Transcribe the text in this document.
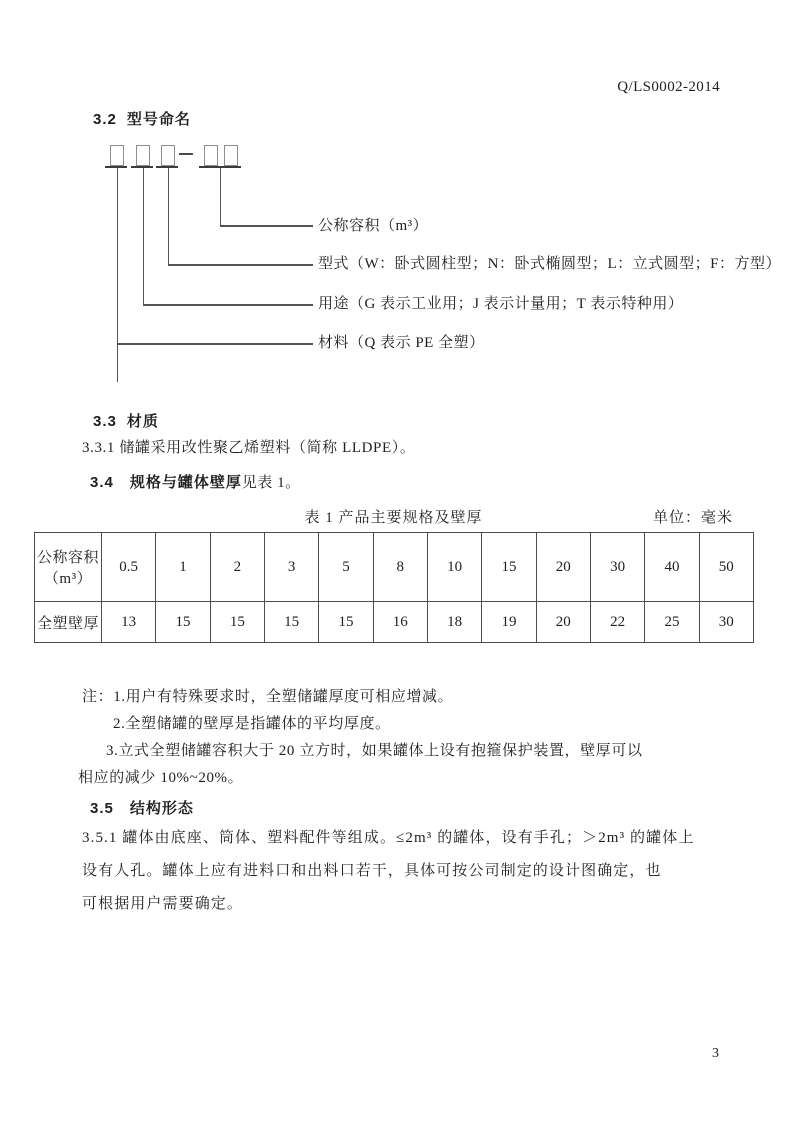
Q/LS0002-2014
3.2 型号命名
公称容积（m³）
型式（W：卧式圆柱型；N：卧式椭圆型；L：立式圆型；F：方型）
用途（G 表示工业用；J 表示计量用；T 表示特种用）
材料（Q 表示 PE 全塑）
3.3 材质
3.3.1 储罐采用改性聚乙烯塑料（简称 LLDPE）。
3.4 规格与罐体壁厚见表 1。
表 1 产品主要规格及壁厚	单位：毫米
公称容积
（m³）	0.5	1	2	3	5	8	10	15	20	30	40	50
全塑壁厚	13	15	15	15	15	16	18	19	20	22	25	30
注：1.用户有特殊要求时，全塑储罐厚度可相应增减。
2.全塑储罐的壁厚是指罐体的平均厚度。
3.立式全塑储罐容积大于 20 立方时，如果罐体上设有抱箍保护装置，壁厚可以
相应的减少 10%~20%。
3.5 结构形态
3.5.1 罐体由底座、筒体、塑料配件等组成。≤2m³ 的罐体，设有手孔；＞2m³ 的罐体上
设有人孔。罐体上应有进料口和出料口若干，具体可按公司制定的设计图确定，也
可根据用户需要确定。
3
